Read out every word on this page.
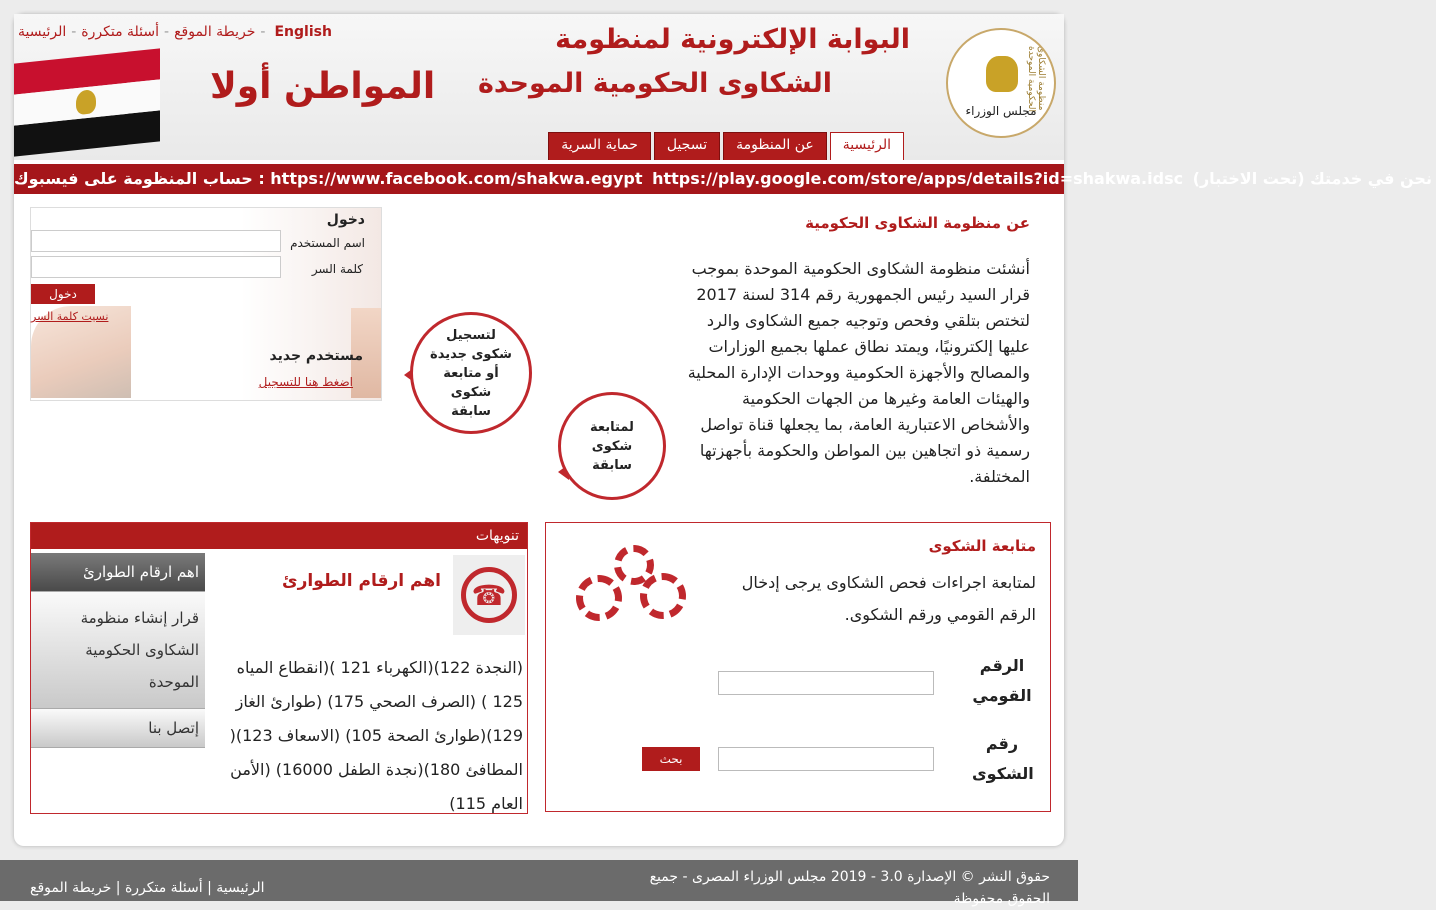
خريطة الموقع-أسئلة متكررة-الرئيسية	- English
المواطن أولا
البوابة الإلكترونية لمنظومة
الشكاوى الحكومية الموحدة	منظومة الشكاوى الحكومية الموحدة
مجلس الوزراء
الرئيسية
عن المنظومة
تسجيل
حماية السرية
حساب المنظومة على فيسبوك : https://www.facebook.com/shakwa.egypt https://play.google.com/store/apps/details?id=shakwa.idsc نحن في خدمتك (تحت الاختبار)
دخول
اسم المستخدم
كلمة السر
دخول
نسيت كلمة السر
مستخدم جديد
اضغط هنا للتسجيل
لتسجيل شكوى جديدة أو متابعة شكوى سابقة
لمتابعة شكوى سابقة
عن منظومة الشكاوى الحكومية
أنشئت منظومة الشكاوى الحكومية الموحدة بموجب قرار السيد رئيس الجمهورية رقم 314 لسنة 2017 لتختص بتلقي وفحص وتوجيه جميع الشكاوى والرد عليها إلكترونيًا، ويمتد نطاق عملها بجميع الوزارات والمصالح والأجهزة الحكومية ووحدات الإدارة المحلية والهيئات العامة وغيرها من الجهات الحكومية والأشخاص الاعتبارية العامة، بما يجعلها قناة تواصل رسمية ذو اتجاهين بين المواطن والحكومة بأجهزتها المختلفة.
تنويهات
اهم ارقام الطوارئ
قرار إنشاء منظومة الشكاوى الحكومية الموحدة
إتصل بنا
☎
اهم ارقام الطوارئ
(النجدة 122)(الكهرباء 121 )(انقطاع المياه 125 ) (الصرف الصحي 175) (طوارئ الغاز 129)(طوارئ الصحة 105) (الاسعاف 123)( المطافئ 180)(نجدة الطفل 16000) (الأمن العام 115)
متابعة الشكوى
لمتابعة اجراءات فحص الشكاوى يرجى إدخال الرقم القومي ورقم الشكوى.
الرقم القومي
رقم الشكوى
بحث
حقوق النشر © الإصدارة 3.0 - 2019 مجلس الوزراء المصرى - جميع الحقوق محفوظة
الرئيسية | أسئلة متكررة | خريطة الموقع
